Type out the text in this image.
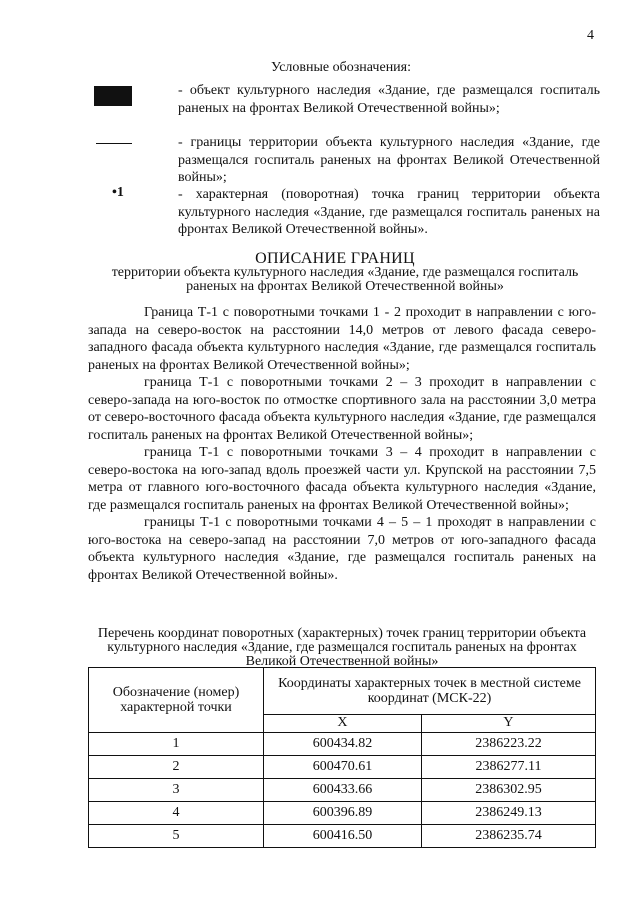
4
Условные обозначения:
- объект культурного наследия «Здание, где размещался госпиталь раненых на фронтах Великой Отечественной войны»;
- границы территории объекта культурного наследия «Здание, где размещался госпиталь раненых на фронтах Великой Отечественной войны»;
•1	- характерная (поворотная) точка границ территории объекта культурного наследия «Здание, где размещался госпиталь раненых на фронтах Великой Отечественной войны».
ОПИСАНИЕ ГРАНИЦ
территории объекта культурного наследия «Здание, где размещался госпиталь раненых на фронтах Великой Отечественной войны»

Граница Т-1 с поворотными точками 1 - 2 проходит в направлении с юго-запада на северо-восток на расстоянии 14,0 метров от левого фасада северо-западного фасада объекта культурного наследия «Здание, где размещался госпиталь раненых на фронтах Великой Отечественной войны»;

граница Т-1 с поворотными точками 2 – 3 проходит в направлении с северо-запада на юго-восток по отмостке спортивного зала на расстоянии 3,0 метра от северо-восточного фасада объекта культурного наследия «Здание, где размещался госпиталь раненых на фронтах Великой Отечественной войны»;

граница Т-1 с поворотными точками 3 – 4 проходит в направлении с северо-востока на юго-запад вдоль проезжей части ул. Крупской на расстоянии 7,5 метра от главного юго-восточного фасада объекта культурного наследия «Здание, где размещался госпиталь раненых на фронтах Великой Отечественной войны»;

границы Т-1 с поворотными точками 4 – 5 – 1 проходят в направлении с юго-востока на северо-запад на расстоянии 7,0 метров от юго-западного фасада объекта культурного наследия «Здание, где размещался госпиталь раненых на фронтах Великой Отечественной войны».

Перечень координат поворотных (характерных) точек границ территории объекта культурного наследия «Здание, где размещался госпиталь раненых на фронтах Великой Отечественной войны»
Обозначение (номер) характерной точки	Координаты характерных точек в местной системе координат (МСК-22)	
	X	Y
1	600434.82	2386223.22
2	600470.61	2386277.11
3	600433.66	2386302.95
4	600396.89	2386249.13
5	600416.50	2386235.74
